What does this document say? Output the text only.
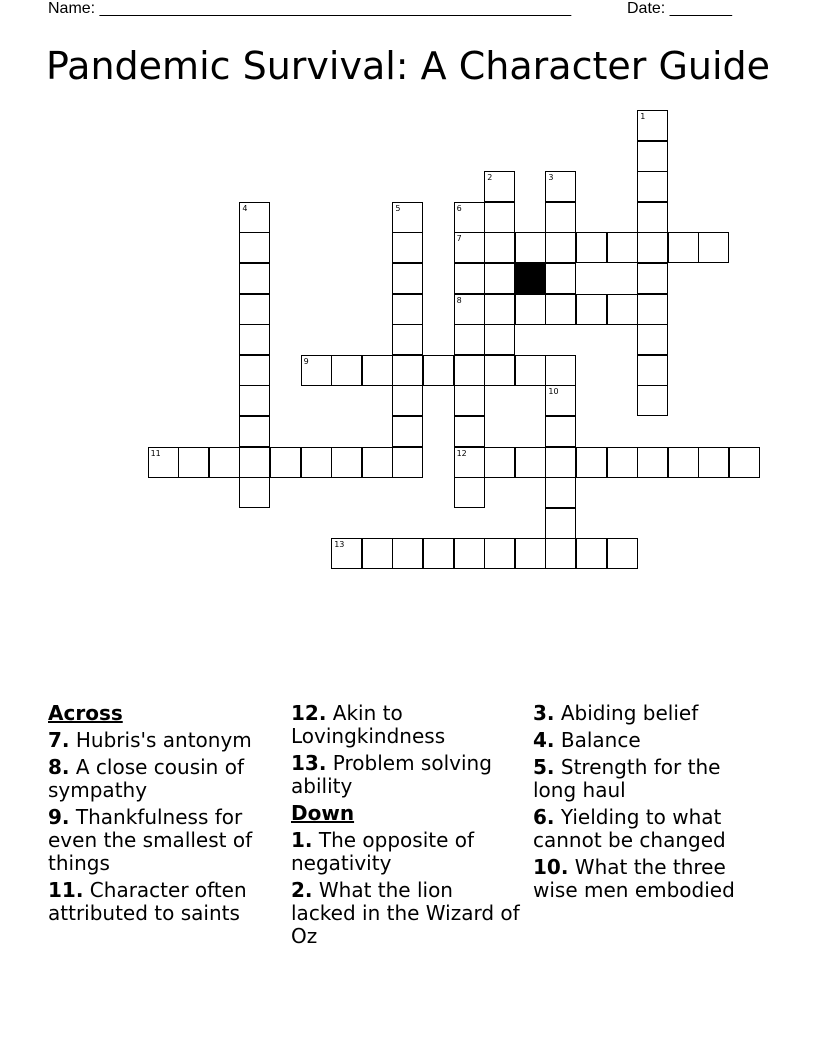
Name: _____________________________________________________	Date: _______
Pandemic Survival: A Character Guide
1
2	3
4	5	6
7
8
12
9
10
11
13
Across
7. Hubris's antonym
8. A close cousin of sympathy
9. Thankfulness for even the smallest of things
11. Character often attributed to saints
12. Akin to Lovingkindness
13. Problem solving ability
Down
1. The opposite of negativity
2. What the lion lacked in the Wizard of Oz
3. Abiding belief
4. Balance
5. Strength for the long haul
6. Yielding to what cannot be changed
10. What the three wise men embodied
